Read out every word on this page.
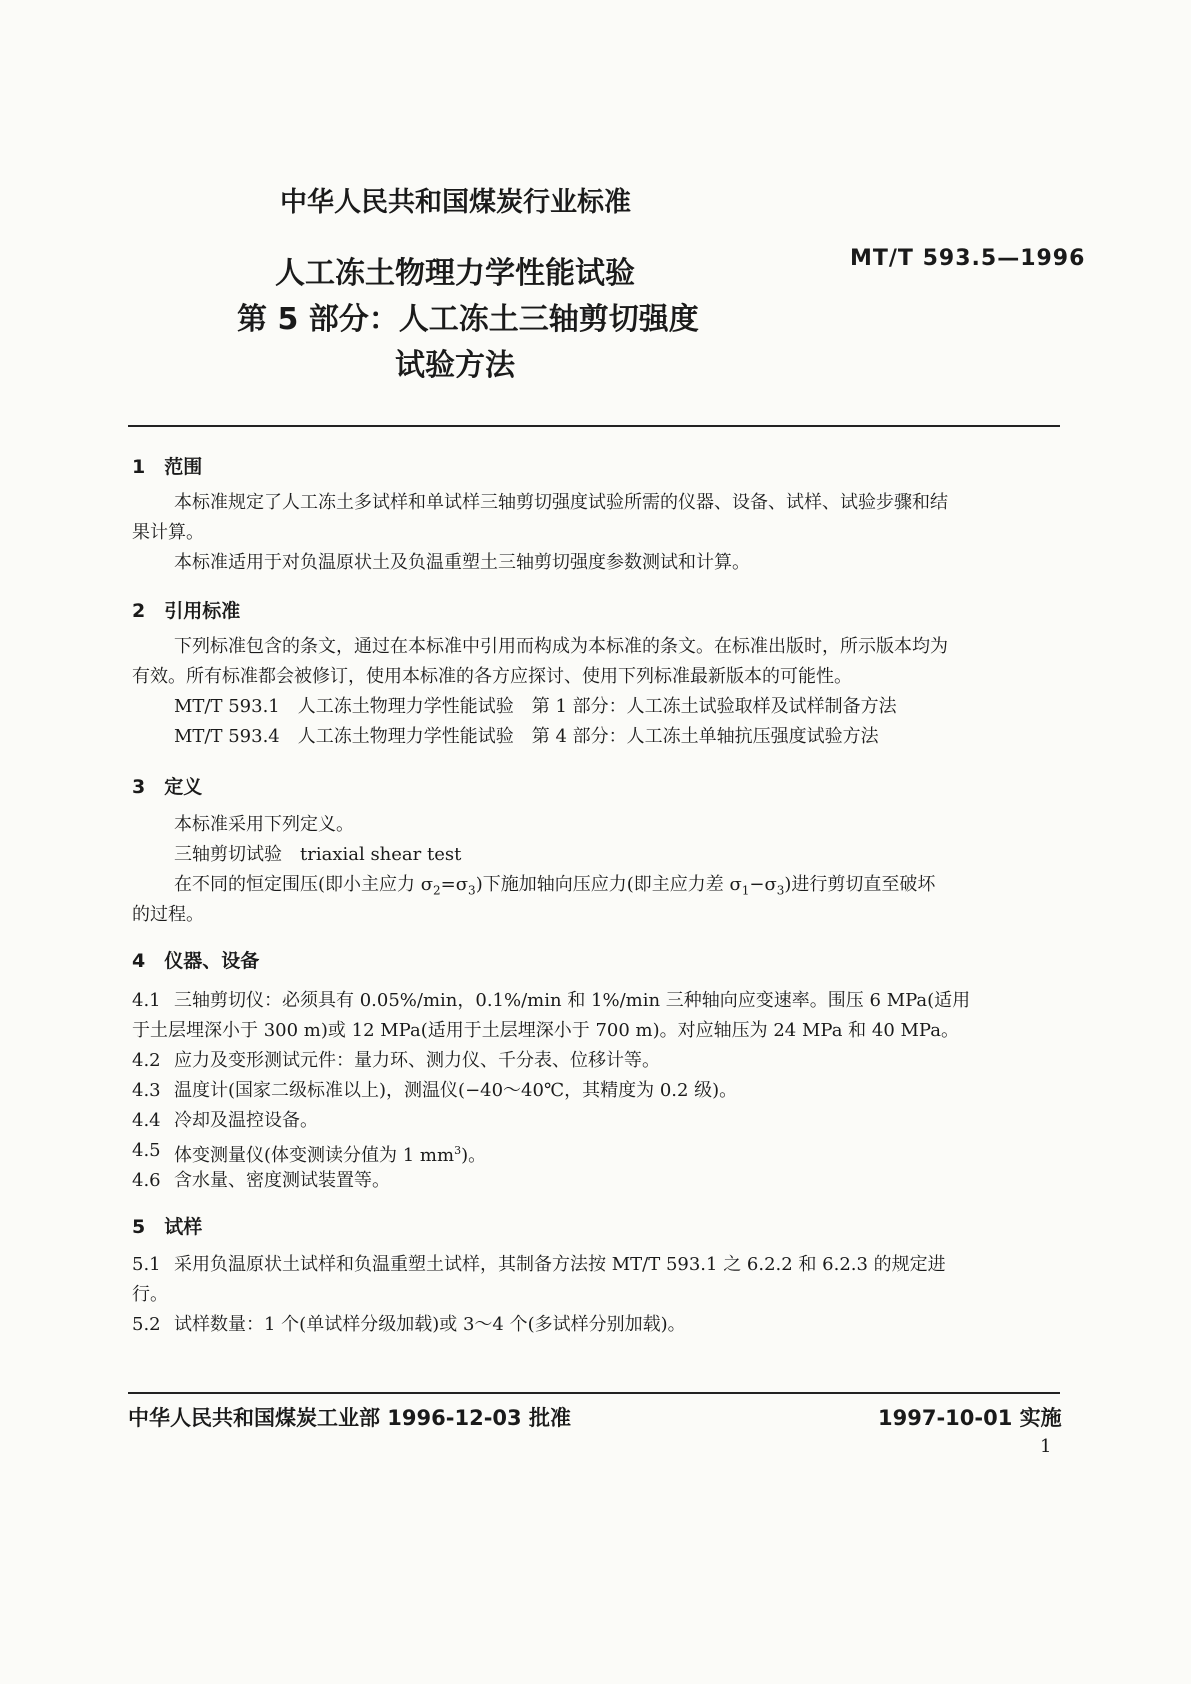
中华人民共和国煤炭行业标准
人工冻土物理力学性能试验
第 5 部分：人工冻土三轴剪切强度
试验方法
MT/T 593.5—1996
1　范围
本标准规定了人工冻土多试样和单试样三轴剪切强度试验所需的仪器、设备、试样、试验步骤和结
果计算。
本标准适用于对负温原状土及负温重塑土三轴剪切强度参数测试和计算。
2　引用标准
下列标准包含的条文，通过在本标准中引用而构成为本标准的条文。在标准出版时，所示版本均为
有效。所有标准都会被修订，使用本标准的各方应探讨、使用下列标准最新版本的可能性。
MT/T 593.1　人工冻土物理力学性能试验　第 1 部分：人工冻土试验取样及试样制备方法
MT/T 593.4　人工冻土物理力学性能试验　第 4 部分：人工冻土单轴抗压强度试验方法
3　定义
本标准采用下列定义。
三轴剪切试验　triaxial shear test
在不同的恒定围压(即小主应力 $\sigma_2=\sigma_3$)下施加轴向压应力(即主应力差 $\sigma_1-\sigma_3$)进行剪切直至破坏
的过程。
4　仪器、设备
4.1 三轴剪切仪：必须具有 0.05%/min，0.1%/min 和 1%/min 三种轴向应变速率。围压 6 MPa(适用
于土层埋深小于 300 m)或 12 MPa(适用于土层埋深小于 700 m)。对应轴压为 24 MPa 和 40 MPa。
4.2 应力及变形测试元件：量力环、测力仪、千分表、位移计等。
4.3 温度计(国家二级标准以上)，测温仪(−40～40℃，其精度为 0.2 级)。
4.4 冷却及温控设备。
4.5 体变测量仪(体变测读分值为 1 $mm^3$)。
4.6 含水量、密度测试装置等。
5　试样
5.1 采用负温原状土试样和负温重塑土试样，其制备方法按 MT/T 593.1 之 6.2.2 和 6.2.3 的规定进
行。
5.2 试样数量：1 个(单试样分级加载)或 3～4 个(多试样分别加载)。
中华人民共和国煤炭工业部 1996-12-03 批准	1997-10-01 实施
1
